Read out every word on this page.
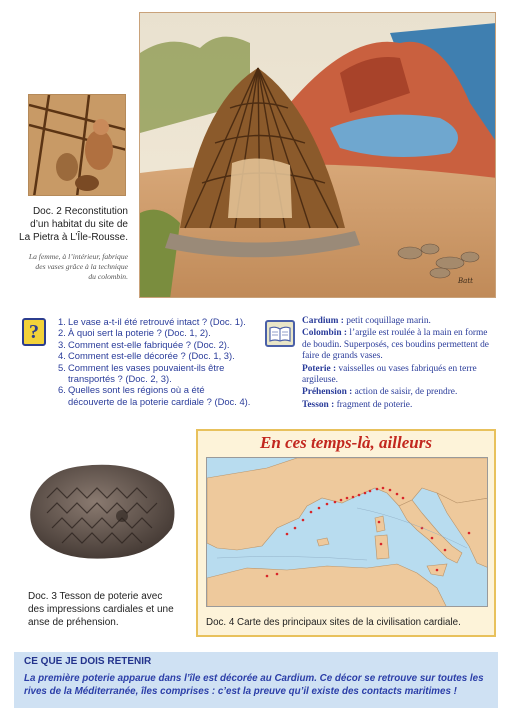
Batt
Doc. 2 Reconstitution
d’un habitat du site de
La Pietra à L’Île-Rousse.
La femme, à l’intérieur, fabrique
des vases grâce à la technique
du colombin.
? 1. Le vase a-t-il été retrouvé intact ? (Doc. 1).
2. À quoi sert la poterie ? (Doc. 1, 2).
3. Comment est-elle fabriquée ? (Doc. 2).
4. Comment est-elle décorée ? (Doc. 1, 3).
5. Comment les vases pouvaient-ils être
transportés ? (Doc. 2, 3).
6. Quelles sont les régions où a été
découverte de la poterie cardiale ? (Doc. 4).

Cardium : petit coquillage marin.

Colombin : l’argile est roulée à la main en forme de boudin. Superposés, ces boudins permettent de faire de grands vases.

Poterie : vaisselles ou vases fabriqués en terre argileuse.

Préhension : action de saisir, de prendre.

Tesson : fragment de poterie.

Doc. 3 Tesson de poterie avec
des impressions cardiales et une
anse de préhension.
En ces temps-là, ailleurs
Doc. 4 Carte des principaux sites de la civilisation cardiale.
CE QUE JE DOIS RETENIR
La première poterie apparue dans l’île est décorée au Cardium. Ce décor se retrouve sur toutes les rives de la Méditerranée, îles comprises : c’est la preuve qu’il existe des contacts maritimes !
